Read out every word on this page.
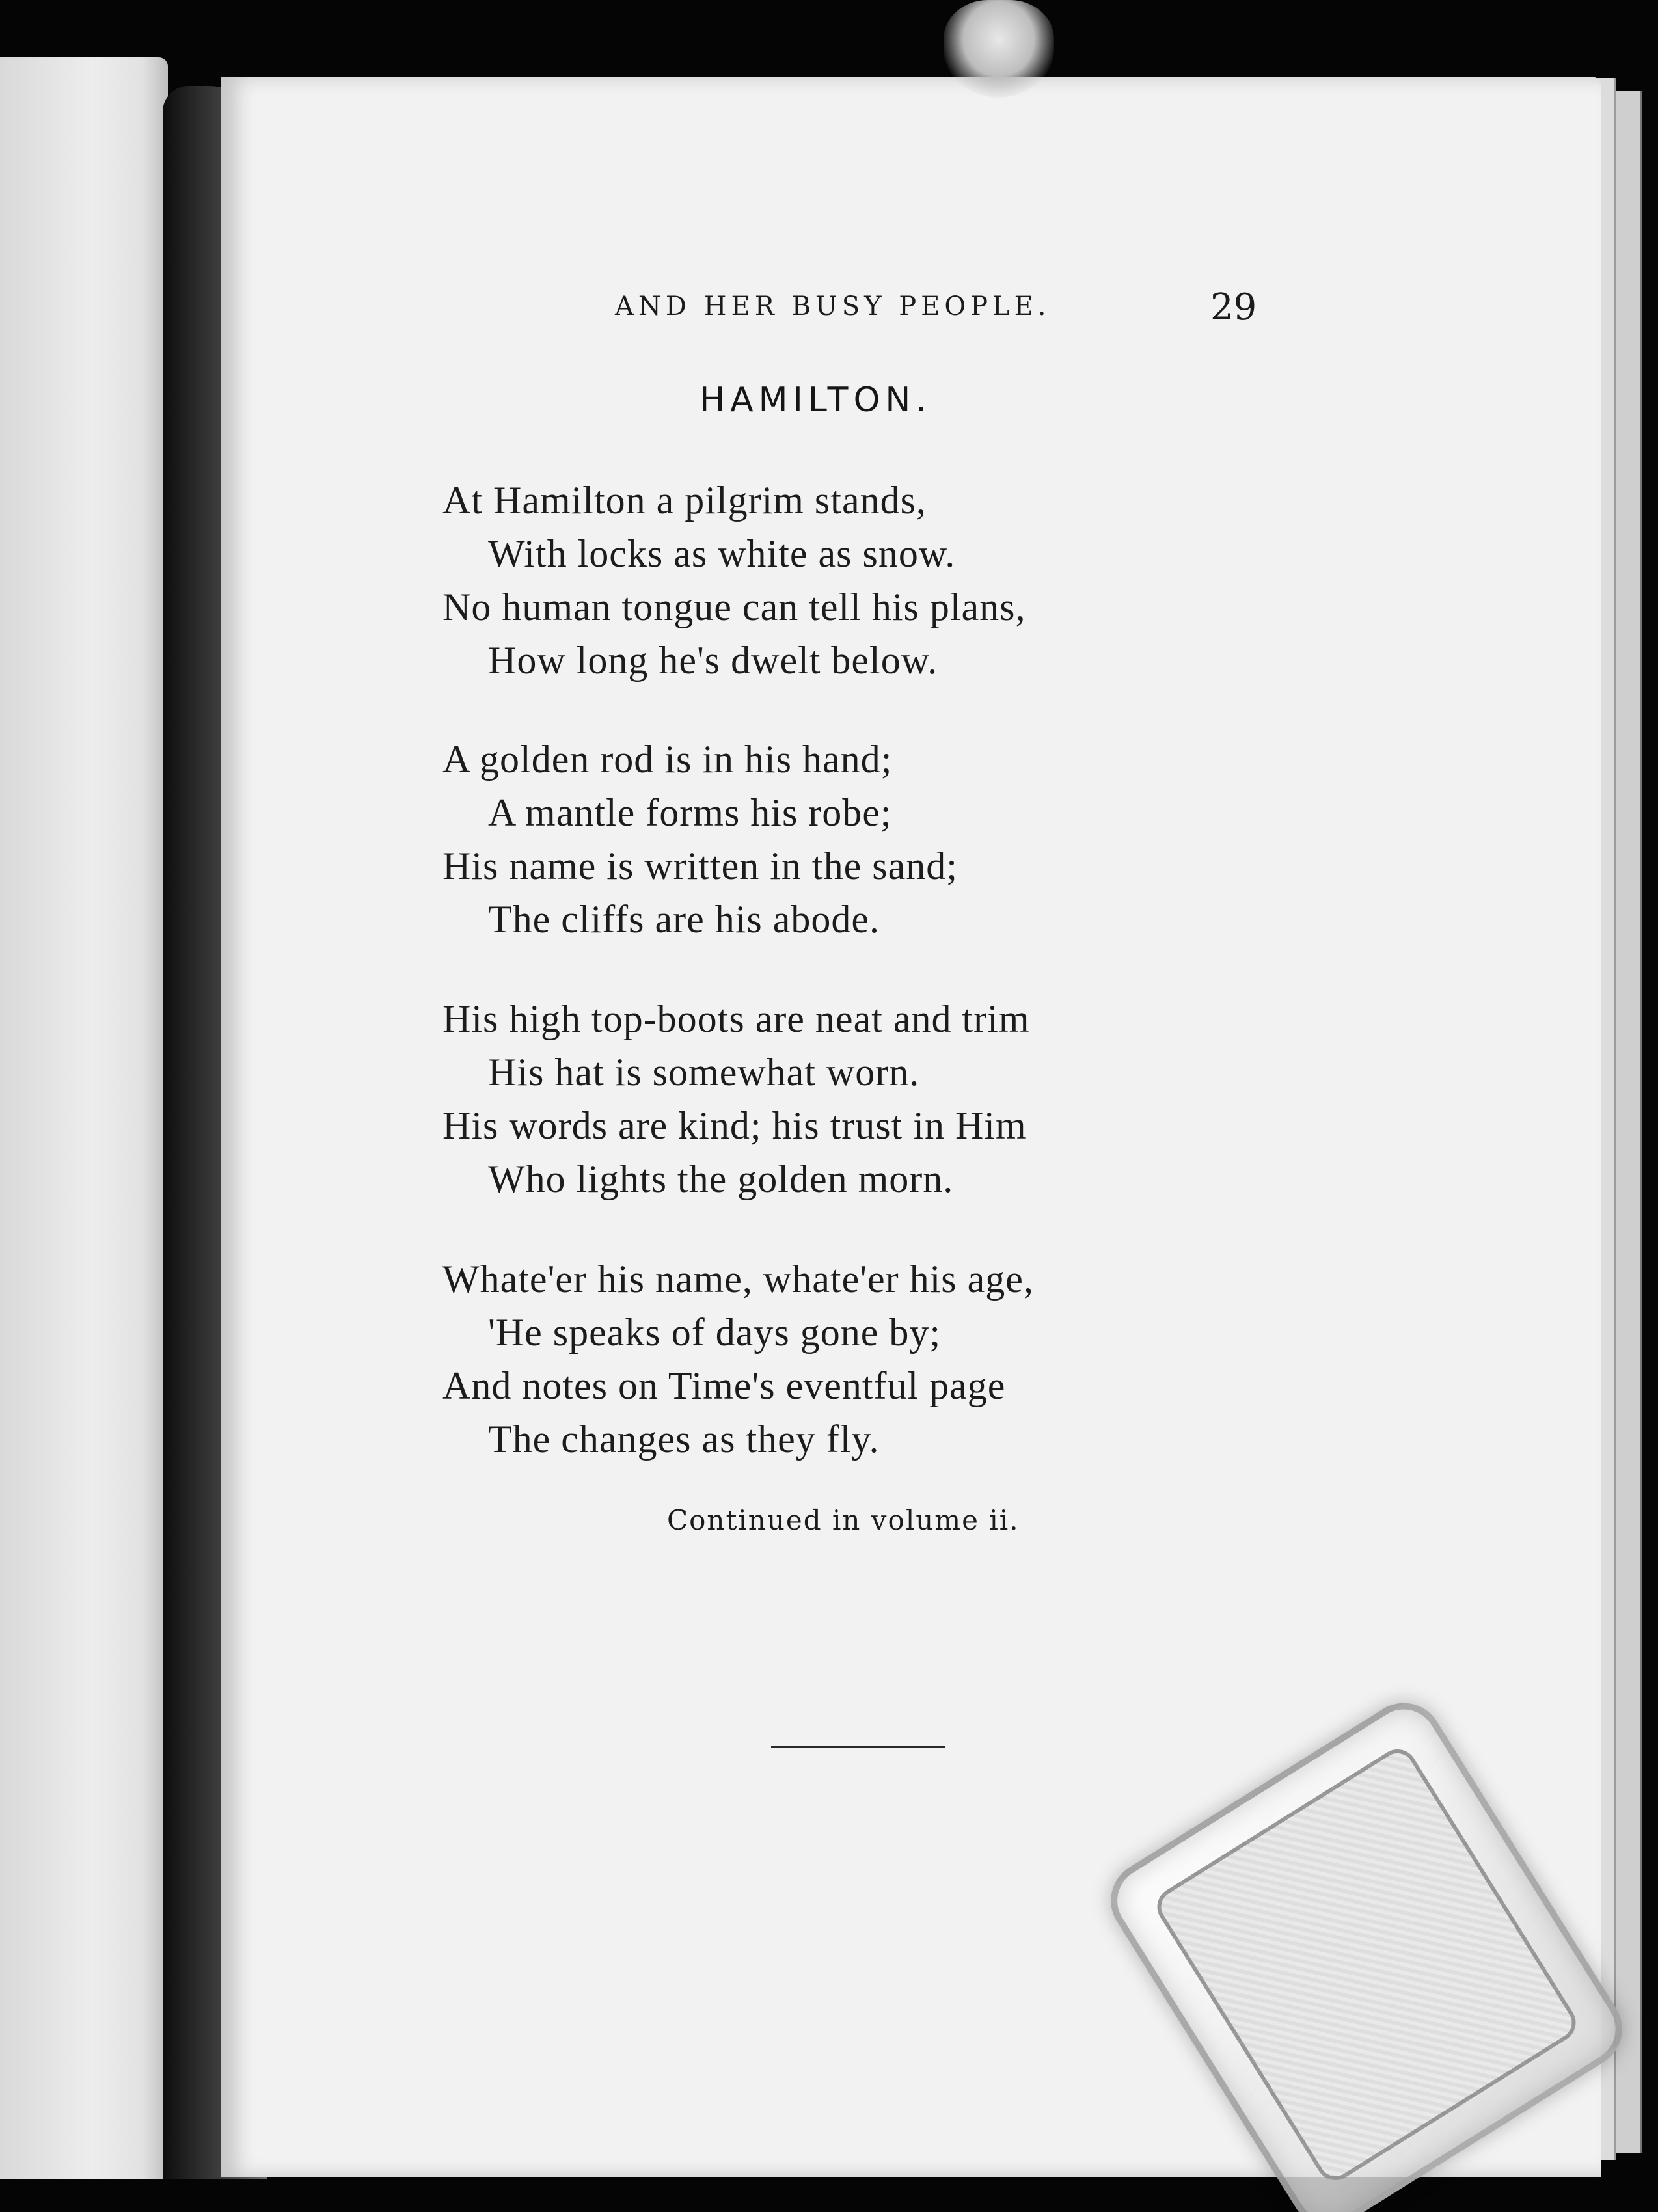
AND HER BUSY PEOPLE.	29
HAMILTON.
At Hamilton a pilgrim stands,
With locks as white as snow.
No human tongue can tell his plans,
How long he's dwelt below.
A golden rod is in his hand;
A mantle forms his robe;
His name is written in the sand;
The cliffs are his abode.
His high top-boots are neat and trim
His hat is somewhat worn.
His words are kind; his trust in Him
Who lights the golden morn.
Whate'er his name, whate'er his age,
'He speaks of days gone by;
And notes on Time's eventful page
The changes as they fly.
Continued in volume ii.
